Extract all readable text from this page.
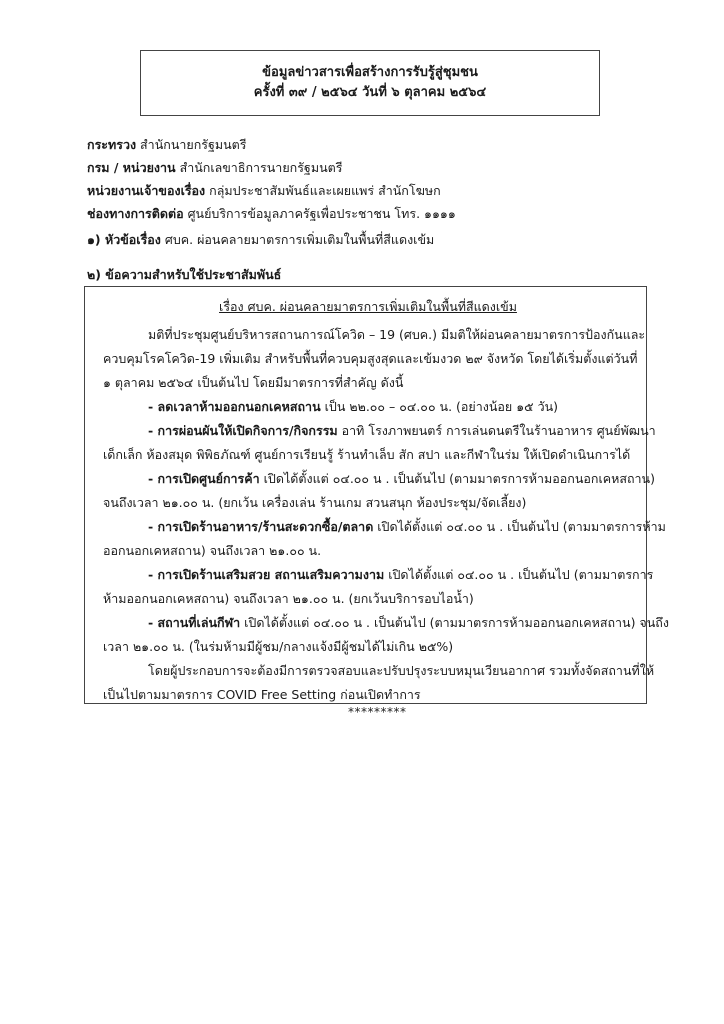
ข้อมูลข่าวสารเพื่อสร้างการรับรู้สู่ชุมชน
ครั้งที่ ๓๙ / ๒๕๖๔ วันที่ ๖ ตุลาคม ๒๕๖๔
กระทรวง สำนักนายกรัฐมนตรี
กรม / หน่วยงาน สำนักเลขาธิการนายกรัฐมนตรี
หน่วยงานเจ้าของเรื่อง กลุ่มประชาสัมพันธ์และเผยแพร่ สำนักโฆษก
ช่องทางการติดต่อ ศูนย์บริการข้อมูลภาครัฐเพื่อประชาชน โทร. ๑๑๑๑
๑) หัวข้อเรื่อง ศบค. ผ่อนคลายมาตรการเพิ่มเติมในพื้นที่สีแดงเข้ม
๒) ข้อความสำหรับใช้ประชาสัมพันธ์
เรื่อง ศบค. ผ่อนคลายมาตรการเพิ่มเติมในพื้นที่สีแดงเข้ม
มติที่ประชุมศูนย์บริหารสถานการณ์โควิด – 19 (ศบค.) มีมติให้ผ่อนคลายมาตรการป้องกันและ
ควบคุมโรคโควิด-19 เพิ่มเติม สำหรับพื้นที่ควบคุมสูงสุดและเข้มงวด ๒๙ จังหวัด โดยได้เริ่มตั้งแต่วันที่
๑ ตุลาคม ๒๕๖๔ เป็นต้นไป โดยมีมาตรการที่สำคัญ ดังนี้
- ลดเวลาห้ามออกนอกเคหสถาน เป็น ๒๒.๐๐ – ๐๔.๐๐ น. (อย่างน้อย ๑๕ วัน)
- การผ่อนผันให้เปิดกิจการ/กิจกรรม อาทิ โรงภาพยนตร์ การเล่นดนตรีในร้านอาหาร ศูนย์พัฒนา
เด็กเล็ก ห้องสมุด พิพิธภัณฑ์ ศูนย์การเรียนรู้ ร้านทำเล็บ สัก สปา และกีฬาในร่ม ให้เปิดดำเนินการได้
- การเปิดศูนย์การค้า เปิดได้ตั้งแต่ ๐๔.๐๐ น . เป็นต้นไป (ตามมาตรการห้ามออกนอกเคหสถาน)
จนถึงเวลา ๒๑.๐๐ น. (ยกเว้น เครื่องเล่น ร้านเกม สวนสนุก ห้องประชุม/จัดเลี้ยง)
- การเปิดร้านอาหาร/ร้านสะดวกซื้อ/ตลาด เปิดได้ตั้งแต่ ๐๔.๐๐ น . เป็นต้นไป (ตามมาตรการห้าม
ออกนอกเคหสถาน) จนถึงเวลา ๒๑.๐๐ น.
- การเปิดร้านเสริมสวย สถานเสริมความงาม เปิดได้ตั้งแต่ ๐๔.๐๐ น . เป็นต้นไป (ตามมาตรการ
ห้ามออกนอกเคหสถาน) จนถึงเวลา ๒๑.๐๐ น. (ยกเว้นบริการอบไอน้ำ)
- สถานที่เล่นกีฬา เปิดได้ตั้งแต่ ๐๔.๐๐ น . เป็นต้นไป (ตามมาตรการห้ามออกนอกเคหสถาน) จนถึง
เวลา ๒๑.๐๐ น. (ในร่มห้ามมีผู้ชม/กลางแจ้งมีผู้ชมได้ไม่เกิน ๒๕%)
โดยผู้ประกอบการจะต้องมีการตรวจสอบและปรับปรุงระบบหมุนเวียนอากาศ รวมทั้งจัดสถานที่ให้
เป็นไปตามมาตรการ COVID Free Setting ก่อนเปิดทำการ
*********
